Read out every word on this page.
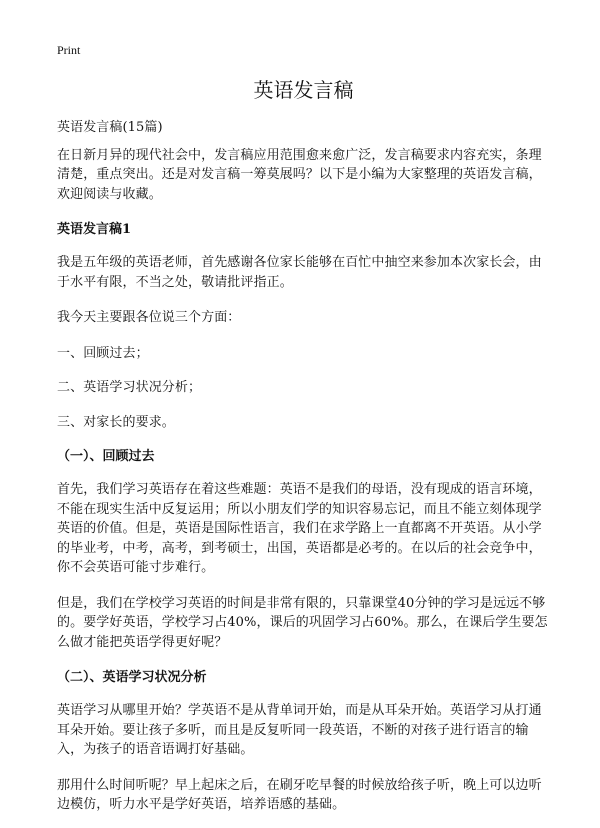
Print
英语发言稿

英语发言稿(15篇)

在日新月异的现代社会中，发言稿应用范围愈来愈广泛，发言稿要求内容充实，条理清楚，重点突出。还是对发言稿一筹莫展吗？以下是小编为大家整理的英语发言稿，欢迎阅读与收藏。

英语发言稿1

我是五年级的英语老师，首先感谢各位家长能够在百忙中抽空来参加本次家长会，由于水平有限，不当之处，敬请批评指正。

我今天主要跟各位说三个方面：

一、回顾过去；

二、英语学习状况分析；

三、对家长的要求。

（一）、回顾过去

首先，我们学习英语存在着这些难题：英语不是我们的母语，没有现成的语言环境，不能在现实生活中反复运用；所以小朋友们学的知识容易忘记，而且不能立刻体现学英语的价值。但是，英语是国际性语言，我们在求学路上一直都离不开英语。从小学的毕业考，中考，高考，到考硕士，出国，英语都是必考的。在以后的社会竞争中，你不会英语可能寸步难行。

但是，我们在学校学习英语的时间是非常有限的，只靠课堂40分钟的学习是远远不够的。要学好英语，学校学习占40%，课后的巩固学习占60%。那么，在课后学生要怎么做才能把英语学得更好呢？

（二）、英语学习状况分析

英语学习从哪里开始？学英语不是从背单词开始，而是从耳朵开始。英语学习从打通耳朵开始。要让孩子多听，而且是反复听同一段英语，不断的对孩子进行语言的输入，为孩子的语音语调打好基础。

那用什么时间听呢？早上起床之后，在刷牙吃早餐的时候放给孩子听，晚上可以边听边模仿，听力水平是学好英语，培养语感的基础。
